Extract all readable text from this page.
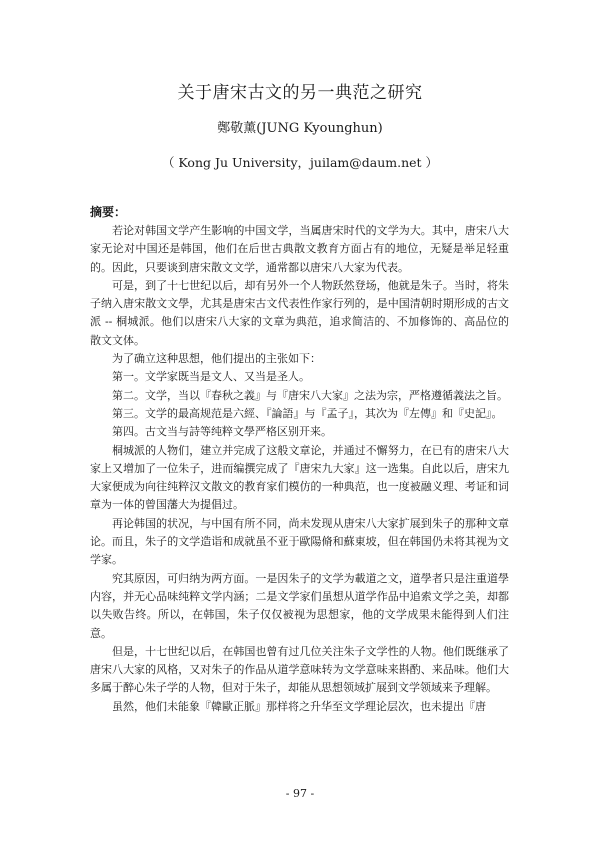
关于唐宋古文的另一典范之研究
鄭敬薰(JUNG Kyounghun)
（ Kong Ju University，juilam@daum.net ）
摘要：

若论对韩国文学产生影响的中国文学，当属唐宋时代的文学为大。其中，唐宋八大家无论对中国还是韩国，他们在后世古典散文教育方面占有的地位，无疑是举足轻重的。因此，只要谈到唐宋散文文学，通常都以唐宋八大家为代表。

可是，到了十七世纪以后，却有另外一个人物跃然登场，他就是朱子。当时，将朱子纳入唐宋散文文學，尤其是唐宋古文代表性作家行列的，是中国清朝时期形成的古文派 -- 桐城派。他们以唐宋八大家的文章为典范，追求简洁的、不加修饰的、高品位的散文文体。

为了确立这种思想，他们提出的主张如下：

第一。文学家既当是文人、又当是圣人。

第二。文学，当以『春秋之義』与『唐宋八大家』之法为宗，严格遵循義法之旨。

第三。文学的最高规范是六經、『論語』与『孟子』，其次为『左傳』和『史記』。

第四。古文当与詩等纯粹文學严格区别开来。

桐城派的人物们，建立并完成了这般文章论，并通过不懈努力，在已有的唐宋八大家上又增加了一位朱子，进而编撰完成了『唐宋九大家』这一选集。自此以后，唐宋九大家便成为向往纯粹汉文散文的教育家们模仿的一种典范，也一度被融义理、考证和词章为一体的曾国藩大为提倡过。

再论韩国的状况，与中国有所不同，尚未发现从唐宋八大家扩展到朱子的那种文章论。而且，朱子的文学造诣和成就虽不亚于歐陽脩和蘇東坡，但在韩国仍未将其视为文学家。

究其原因，可归纳为两方面。一是因朱子的文学为載道之文，道學者只是注重道學内容，并无心品味纯粹文学内涵；二是文学家们虽想从道学作品中追索文学之美，却都以失败告终。所以，在韩国，朱子仅仅被视为思想家，他的文学成果未能得到人们注意。

但是，十七世纪以后，在韩国也曾有过几位关注朱子文学性的人物。他们既继承了唐宋八大家的风格，又对朱子的作品从道学意味转为文学意味来斟酌、来品味。他们大多属于醉心朱子学的人物，但对于朱子，却能从思想领域扩展到文学领域来予理解。

虽然，他们未能象『韓歐正脈』那样将之升华至文学理论层次，也未提出『唐

- 97 -
